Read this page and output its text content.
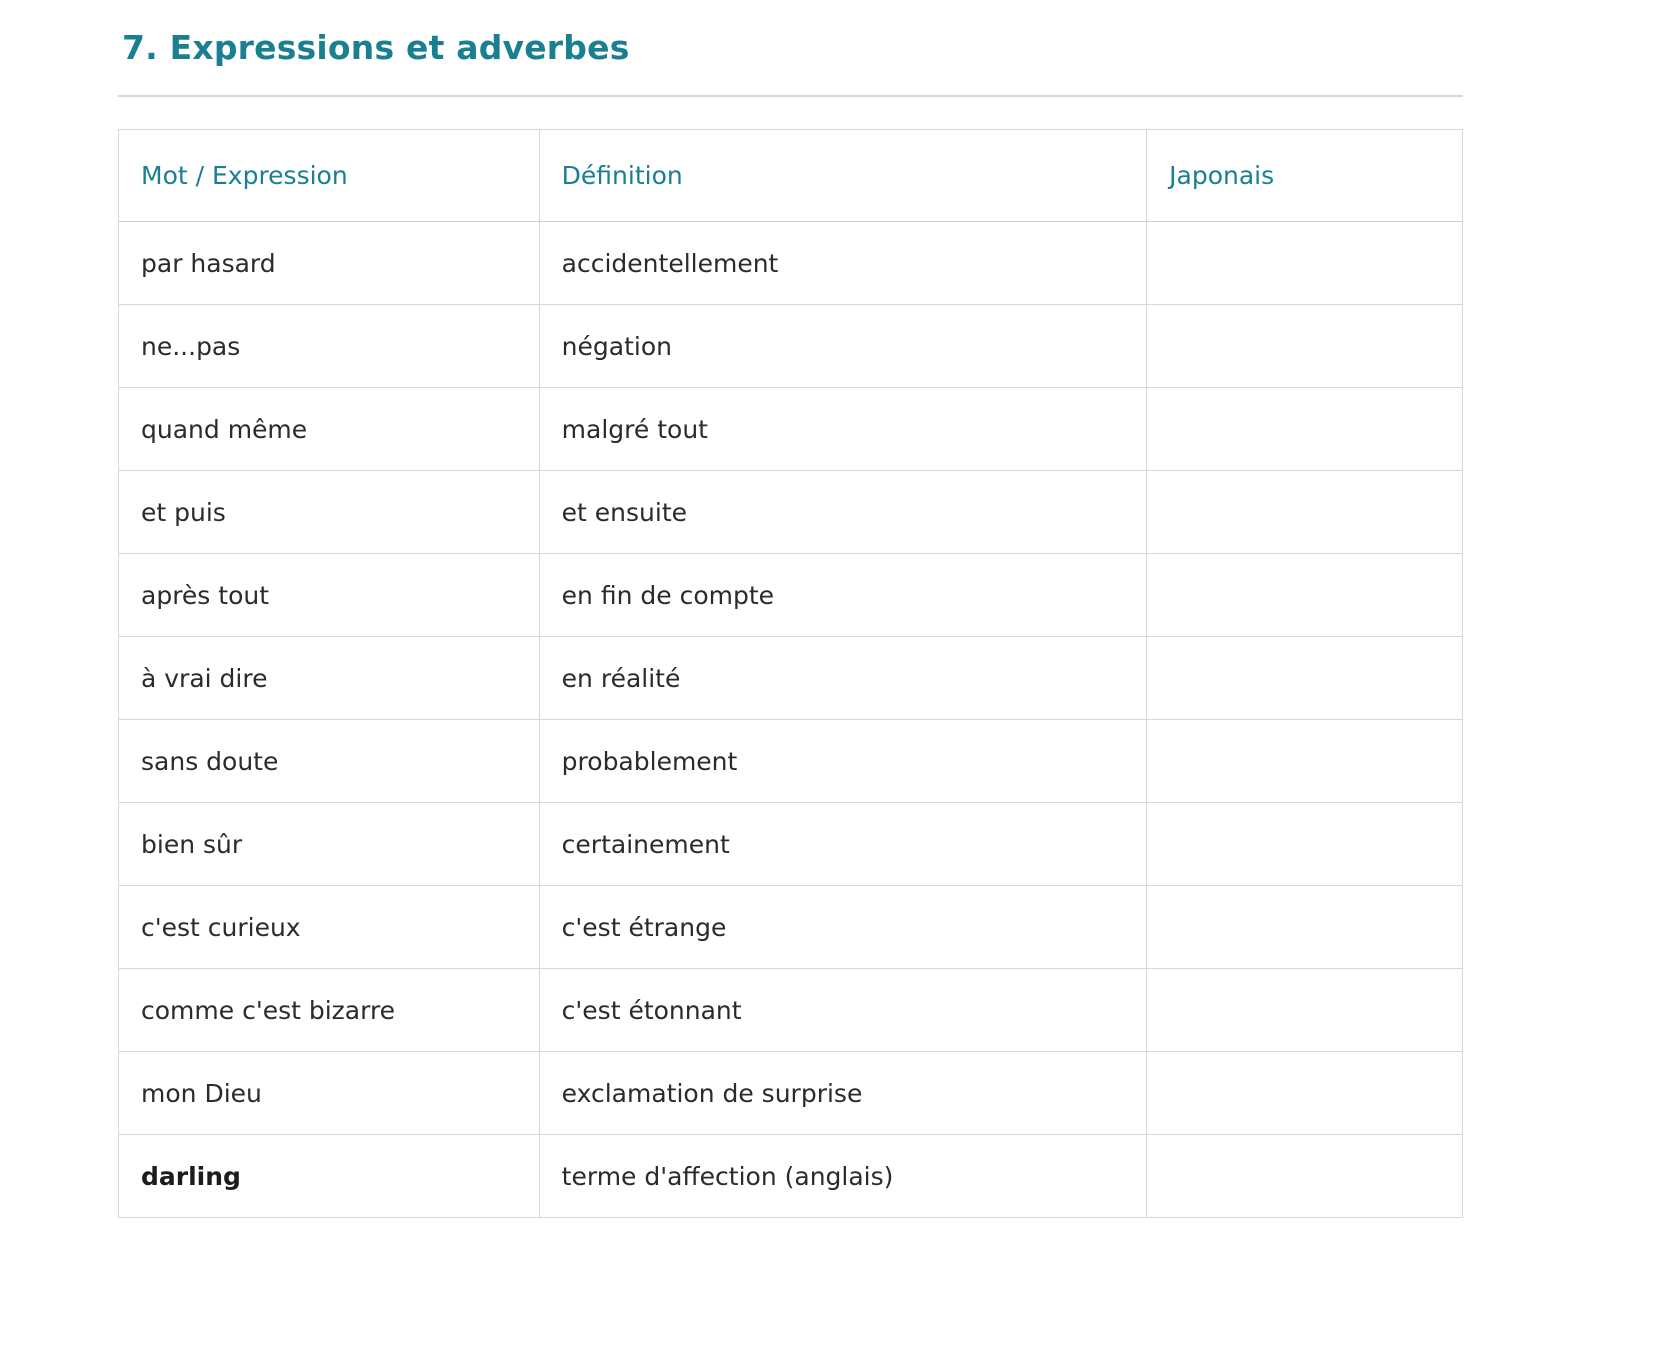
7. Expressions et adverbes
Mot / Expression	Définition	Japonais
par hasard	accidentellement	
ne...pas	négation	
quand même	malgré tout	
et puis	et ensuite	
après tout	en fin de compte	
à vrai dire	en réalité	
sans doute	probablement	
bien sûr	certainement	
c'est curieux	c'est étrange	
comme c'est bizarre	c'est étonnant	
mon Dieu	exclamation de surprise	
darling	terme d'affection (anglais)	
